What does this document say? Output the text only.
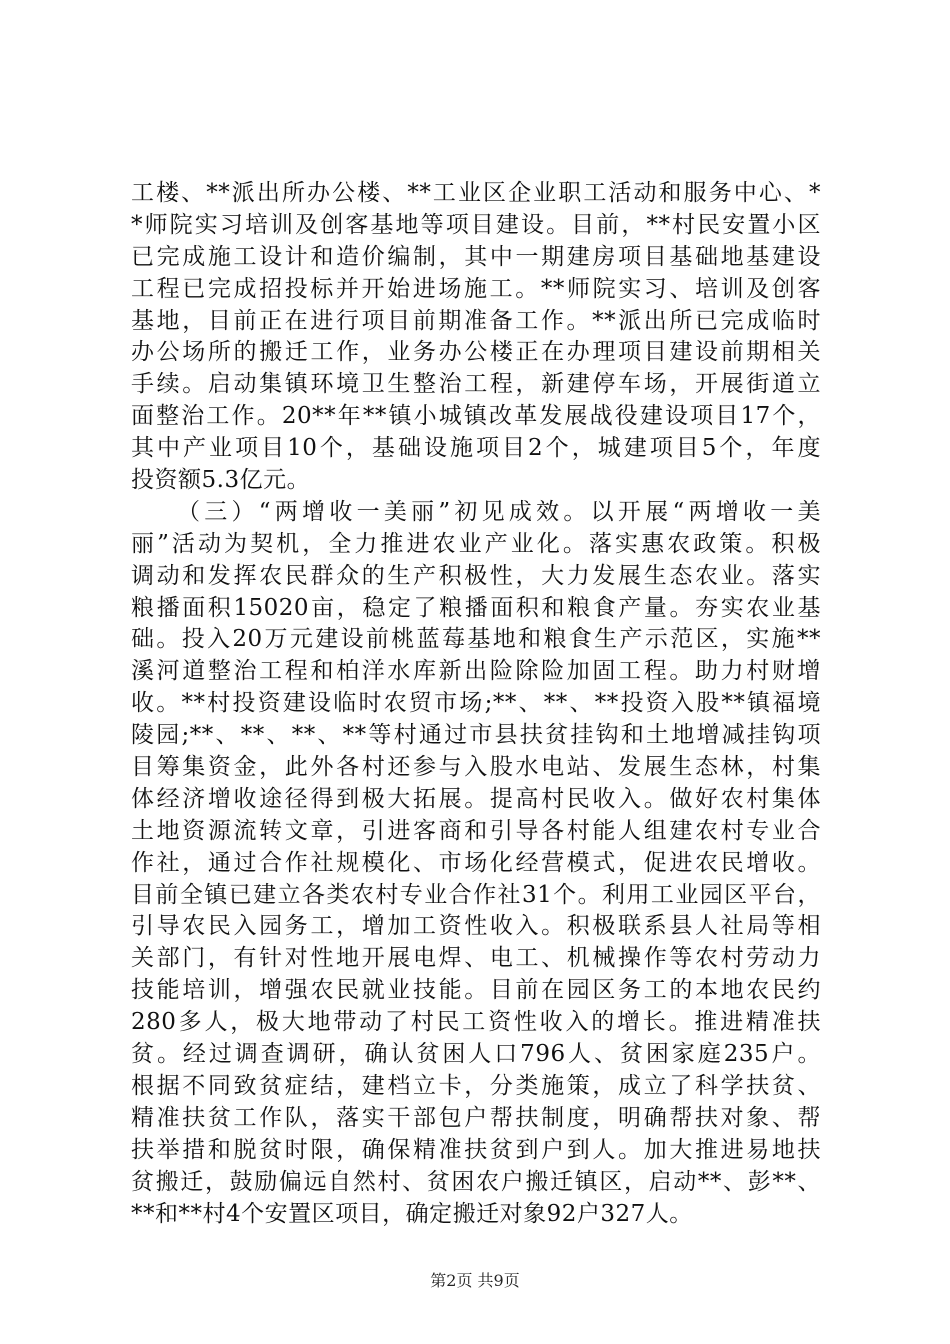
工楼、**派出所办公楼、**工业区企业职工活动和服务中心、*
*师院实习培训及创客基地等项目建设。目前，**村民安置小区
已完成施工设计和造价编制，其中一期建房项目基础地基建设
工程已完成招投标并开始进场施工。**师院实习、培训及创客
基地，目前正在进行项目前期准备工作。**派出所已完成临时
办公场所的搬迁工作，业务办公楼正在办理项目建设前期相关
手续。启动集镇环境卫生整治工程，新建停车场，开展街道立
面整治工作。20**年**镇小城镇改革发展战役建设项目17个，
其中产业项目10个，基础设施项目2个，城建项目5个，年度
投资额5.3亿元。
（三）“两增收一美丽”初见成效。以开展“两增收一美
丽”活动为契机，全力推进农业产业化。落实惠农政策。积极
调动和发挥农民群众的生产积极性，大力发展生态农业。落实
粮播面积15020亩，稳定了粮播面积和粮食产量。夯实农业基
础。投入20万元建设前桃蓝莓基地和粮食生产示范区，实施**
溪河道整治工程和柏洋水库新出险除险加固工程。助力村财增
收。**村投资建设临时农贸市场;**、**、**投资入股**镇福境
陵园;**、**、**、**等村通过市县扶贫挂钩和土地增减挂钩项
目筹集资金，此外各村还参与入股水电站、发展生态林，村集
体经济增收途径得到极大拓展。提高村民收入。做好农村集体
土地资源流转文章，引进客商和引导各村能人组建农村专业合
作社，通过合作社规模化、市场化经营模式，促进农民增收。
目前全镇已建立各类农村专业合作社31个。利用工业园区平台，
引导农民入园务工，增加工资性收入。积极联系县人社局等相
关部门，有针对性地开展电焊、电工、机械操作等农村劳动力
技能培训，增强农民就业技能。目前在园区务工的本地农民约
280多人，极大地带动了村民工资性收入的增长。推进精准扶
贫。经过调查调研，确认贫困人口796人、贫困家庭235户。
根据不同致贫症结，建档立卡，分类施策，成立了科学扶贫、
精准扶贫工作队，落实干部包户帮扶制度，明确帮扶对象、帮
扶举措和脱贫时限，确保精准扶贫到户到人。加大推进易地扶
贫搬迁，鼓励偏远自然村、贫困农户搬迁镇区，启动**、彭**、
**和**村4个安置区项目，确定搬迁对象92户327人。
第2页 共9页
